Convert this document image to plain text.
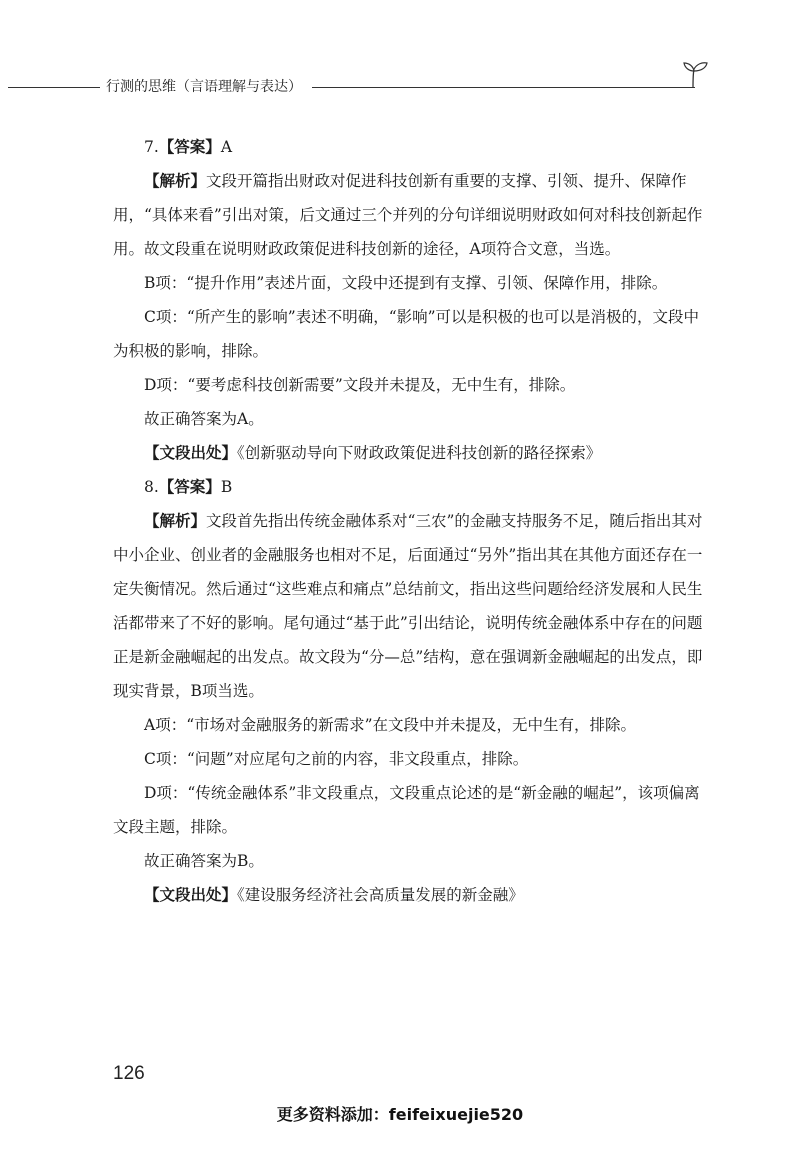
行测的思维（言语理解与表达）

7.【答案】A

【解析】文段开篇指出财政对促进科技创新有重要的支撑、引领、提升、保障作用，“具体来看”引出对策，后文通过三个并列的分句详细说明财政如何对科技创新起作用。故文段重在说明财政政策促进科技创新的途径，A项符合文意，当选。

B项：“提升作用”表述片面，文段中还提到有支撑、引领、保障作用，排除。

C项：“所产生的影响”表述不明确，“影响”可以是积极的也可以是消极的，文段中为积极的影响，排除。

D项：“要考虑科技创新需要”文段并未提及，无中生有，排除。

故正确答案为A。

【文段出处】《创新驱动导向下财政政策促进科技创新的路径探索》

8.【答案】B

【解析】文段首先指出传统金融体系对“三农”的金融支持服务不足，随后指出其对中小企业、创业者的金融服务也相对不足，后面通过“另外”指出其在其他方面还存在一定失衡情况。然后通过“这些难点和痛点”总结前文，指出这些问题给经济发展和人民生活都带来了不好的影响。尾句通过“基于此”引出结论，说明传统金融体系中存在的问题正是新金融崛起的出发点。故文段为“分—总”结构，意在强调新金融崛起的出发点，即现实背景，B项当选。

A项：“市场对金融服务的新需求”在文段中并未提及，无中生有，排除。

C项：“问题”对应尾句之前的内容，非文段重点，排除。

D项：“传统金融体系”非文段重点，文段重点论述的是“新金融的崛起”，该项偏离文段主题，排除。

故正确答案为B。

【文段出处】《建设服务经济社会高质量发展的新金融》

126
更多资料添加：feifeixuejie520
